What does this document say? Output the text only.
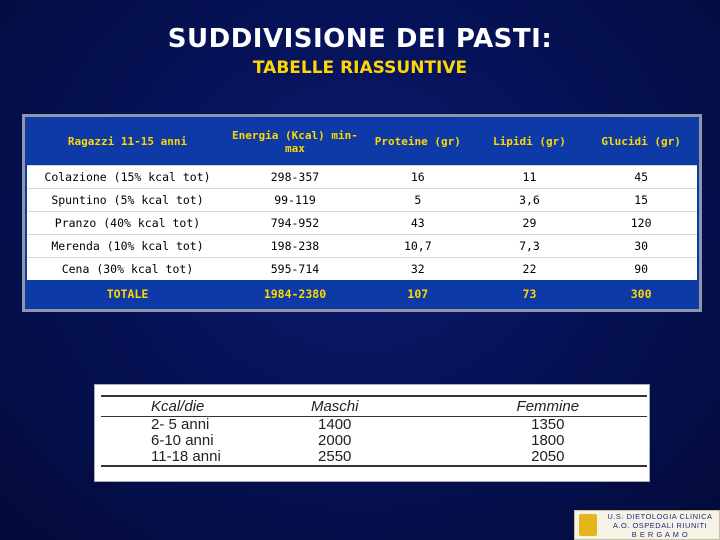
SUDDIVISIONE DEI PASTI:
TABELLE RIASSUNTIVE
Ragazzi 11-15 anni	Energia (Kcal) min-max	Proteine (gr)	Lipidi (gr)	Glucidi (gr)
Colazione (15% kcal tot)	298-357	16	11	45
Spuntino (5% kcal tot)	99-119	5	3,6	15
Pranzo (40% kcal tot)	794-952	43	29	120
Merenda (10% kcal tot)	198-238	10,7	7,3	30
Cena (30% kcal tot)	595-714	32	22	90
TOTALE	1984-2380	107	73	300
Kcal/die	Maschi	Femmine
2- 5 anni	1400	1350
6-10 anni	2000	1800
11-18 anni	2550	2050
U.S. DIETOLOGIA CLINICA
A.O. OSPEDALI RIUNITI
B E R G A M O
